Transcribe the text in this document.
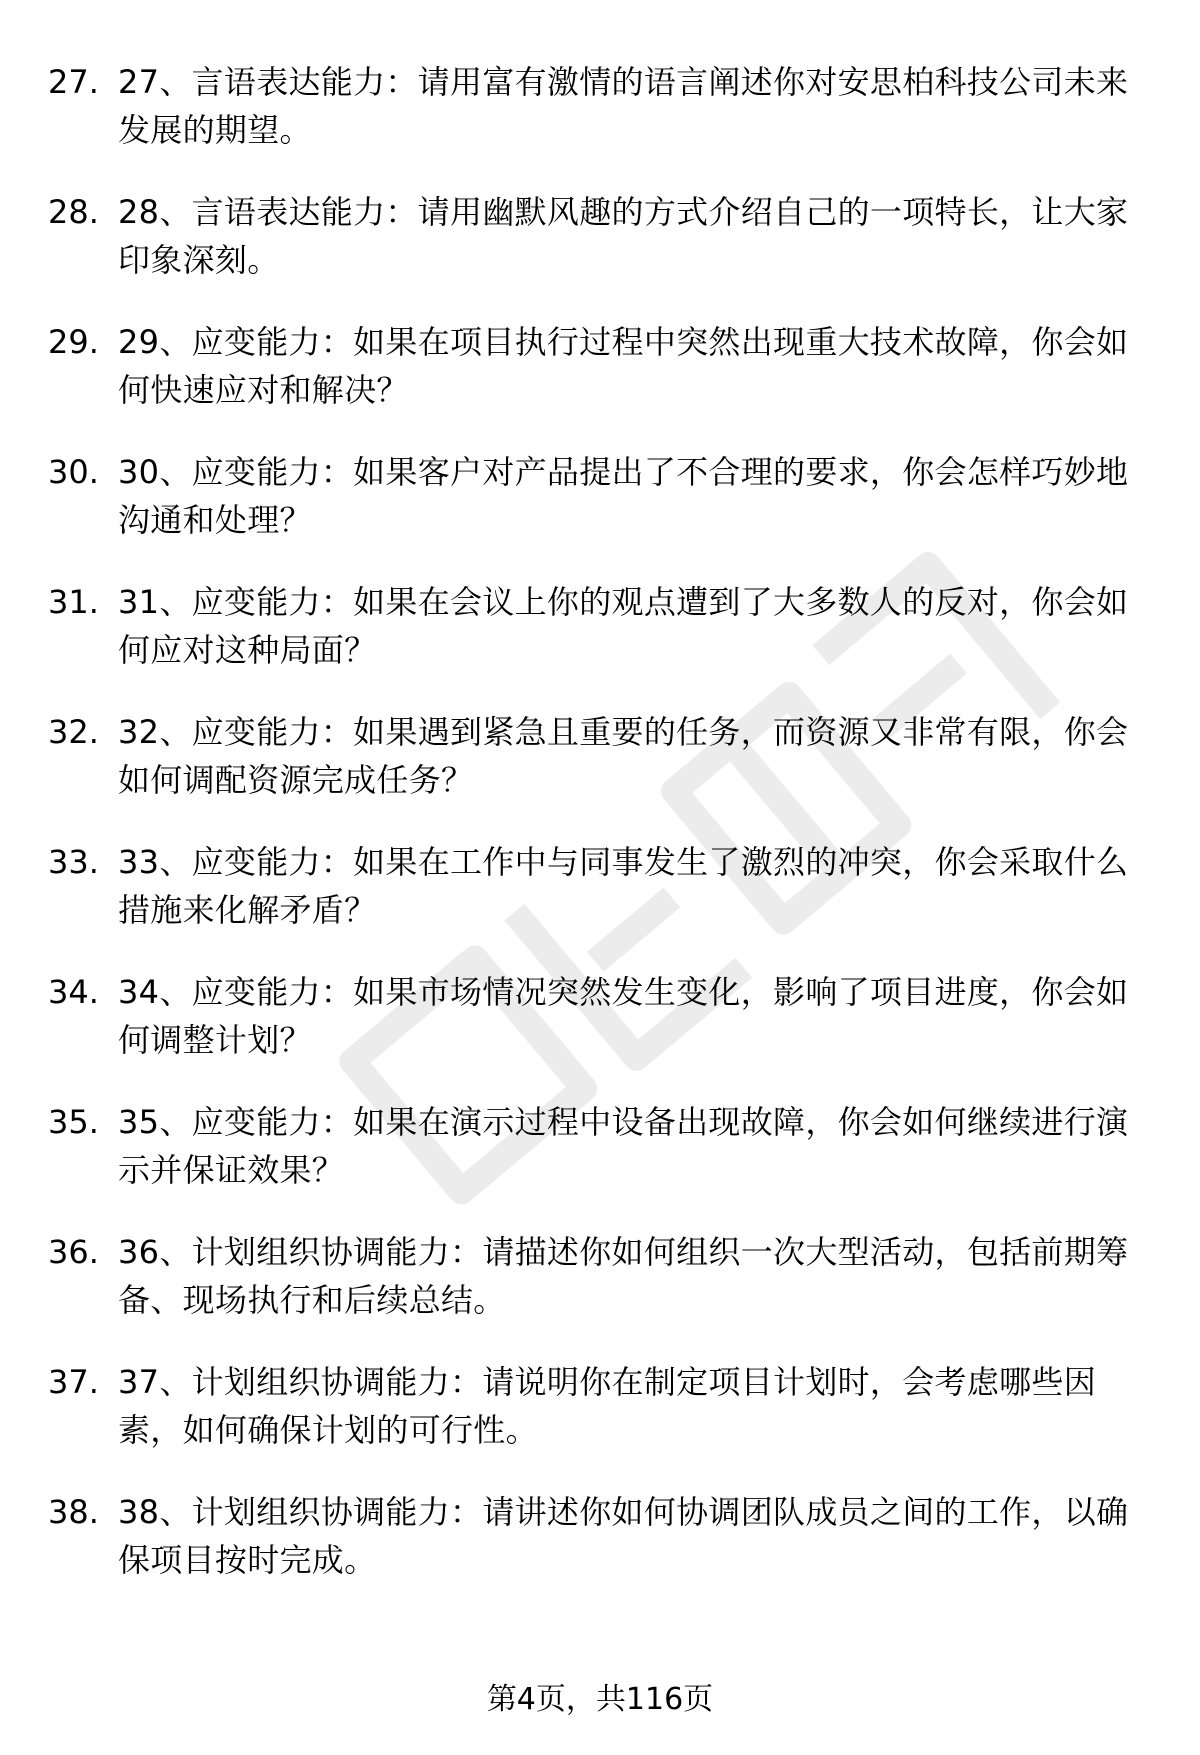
27. 27、言语表达能力：请用富有激情的语言阐述你对安思柏科技公司未来发展的期望。
28. 28、言语表达能力：请用幽默风趣的方式介绍自己的一项特长，让大家印象深刻。
29. 29、应变能力：如果在项目执行过程中突然出现重大技术故障，你会如何快速应对和解决？
30. 30、应变能力：如果客户对产品提出了不合理的要求，你会怎样巧妙地沟通和处理？
31. 31、应变能力：如果在会议上你的观点遭到了大多数人的反对，你会如何应对这种局面？
32. 32、应变能力：如果遇到紧急且重要的任务，而资源又非常有限，你会如何调配资源完成任务？
33. 33、应变能力：如果在工作中与同事发生了激烈的冲突，你会采取什么措施来化解矛盾？
34. 34、应变能力：如果市场情况突然发生变化，影响了项目进度，你会如何调整计划？
35. 35、应变能力：如果在演示过程中设备出现故障，你会如何继续进行演示并保证效果？
36. 36、计划组织协调能力：请描述你如何组织一次大型活动，包括前期筹备、现场执行和后续总结。
37. 37、计划组织协调能力：请说明你在制定项目计划时，会考虑哪些因素，如何确保计划的可行性。
38. 38、计划组织协调能力：请讲述你如何协调团队成员之间的工作，以确保项目按时完成。
第4页，共116页
